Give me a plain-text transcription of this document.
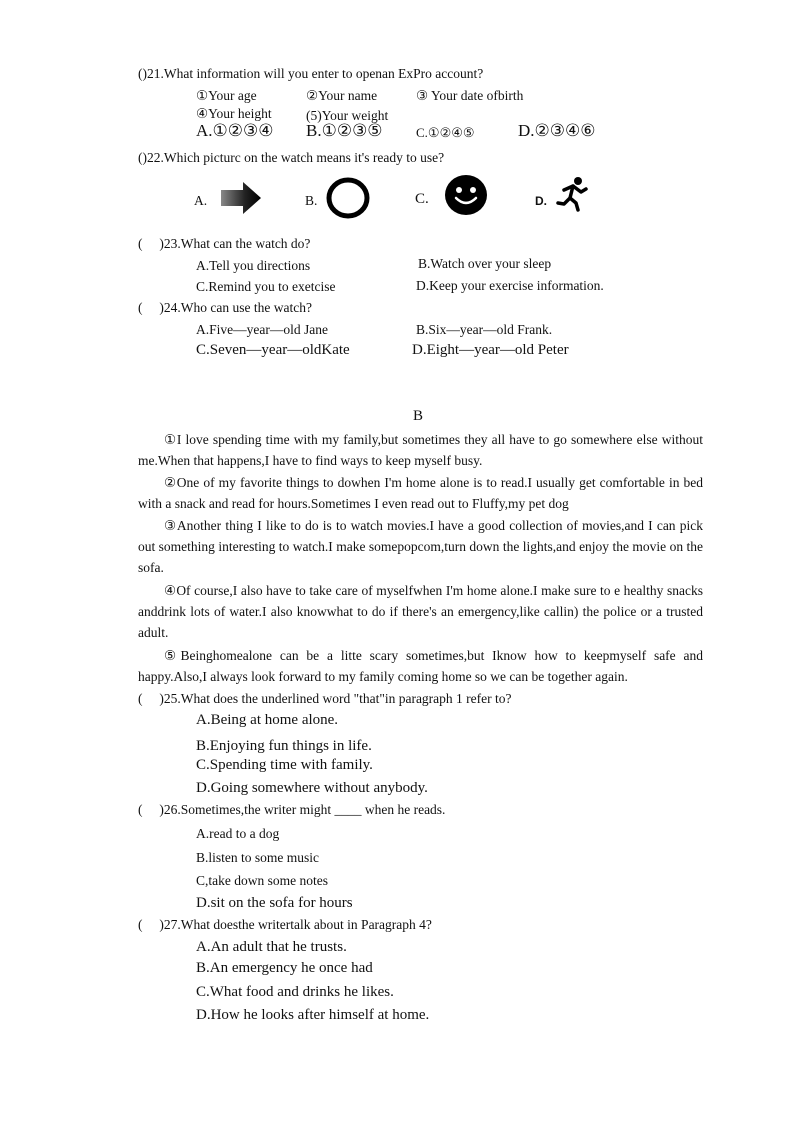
()21.What information will you enter to openan ExPro account?
①Your age	②Your name	③ Your date ofbirth
④Your height	(5)Your weight
A.①②③④ B.①②③⑤	C.①②④⑤	D.②③④⑥
()22.Which picturc on the watch means it's ready to use?
A.	B.	C.	D.
(　 )23.What can the watch do?
A.Tell you directions	B.Watch over your sleep
C.Remind you to exetcise	D.Keep your exercise information.
(　 )24.Who can use the watch?
A.Five—year—old Jane	B.Six—year—old Frank.
C.Seven—year—oldKate	D.Eight—year—old Peter
B
①I love spending time with my family,but sometimes they all have to go somewhere else without me.When that happens,I have to find ways to keep myself busy.
②One of my favorite things to dowhen I'm home alone is to read.I usually get comfortable in bed with a snack and read for hours.Sometimes I even read out to Fluffy,my pet dog
③Another thing I like to do is to watch movies.I have a good collection of movies,and I can pick out something interesting to watch.I make somepopcom,turn down the lights,and enjoy the movie on the sofa.
④Of course,I also have to take care of myselfwhen I'm home alone.I make sure to e healthy snacks anddrink lots of water.I also knowwhat to do if there's an emergency,like callin) the police or a trusted adult.
⑤Beinghomealone can be a litte scary sometimes,but Iknow how to keepmyself safe and happy.Also,I always look forward to my family coming home so we can be together again.
(　 )25.What does the underlined word "that"in paragraph 1 refer to?
A.Being at home alone.
B.Enjoying fun things in life.
C.Spending time with family.
D.Going somewhere without anybody.
(　 )26.Sometimes,the writer might ____ when he reads.
A.read to a dog
B.listen to some music
C,take down some notes
D.sit on the sofa for hours
(　 )27.What doesthe writertalk about in Paragraph 4?
A.An adult that he trusts.
B.An emergency he once had
C.What food and drinks he likes.
D.How he looks after himself at home.
